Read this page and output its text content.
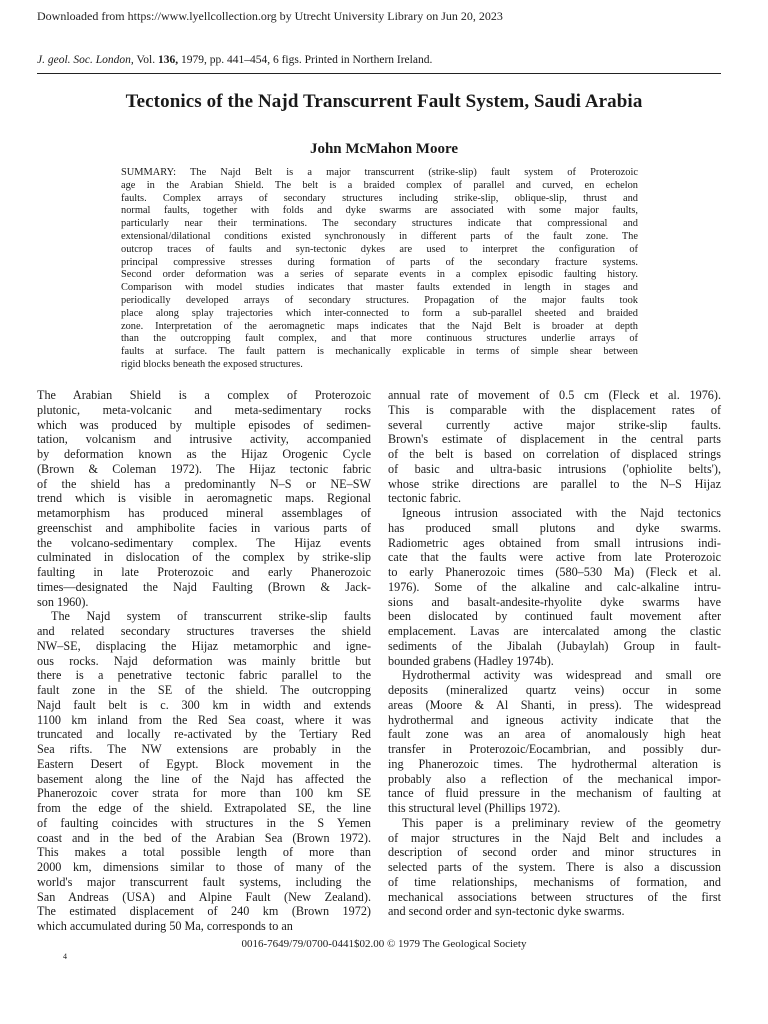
Downloaded from https://www.lyellcollection.org by Utrecht University Library on Jun 20, 2023
J. geol. Soc. London, Vol. 136, 1979, pp. 441–454, 6 figs. Printed in Northern Ireland.
Tectonics of the Najd Transcurrent Fault System, Saudi Arabia
John McMahon Moore
SUMMARY: The Najd Belt is a major transcurrent (strike-slip) fault system of Proterozoic
age in the Arabian Shield. The belt is a braided complex of parallel and curved, en echelon
faults. Complex arrays of secondary structures including strike-slip, oblique-slip, thrust and
normal faults, together with folds and dyke swarms are associated with some major faults,
particularly near their terminations. The secondary structures indicate that compressional and
extensional/dilational conditions existed synchronously in different parts of the fault zone. The
outcrop traces of faults and syn-tectonic dykes are used to interpret the configuration of
principal compressive stresses during formation of parts of the secondary fracture systems.
Second order deformation was a series of separate events in a complex episodic faulting history.
Comparison with model studies indicates that master faults extended in length in stages and
periodically developed arrays of secondary structures. Propagation of the major faults took
place along splay trajectories which inter-connected to form a sub-parallel sheeted and braided
zone. Interpretation of the aeromagnetic maps indicates that the Najd Belt is broader at depth
than the outcropping fault complex, and that more continuous structures underlie arrays of
faults at surface. The fault pattern is mechanically explicable in terms of simple shear between
rigid blocks beneath the exposed structures.
The Arabian Shield is a complex of Proterozoic
plutonic, meta-volcanic and meta-sedimentary rocks
which was produced by multiple episodes of sedimen-
tation, volcanism and intrusive activity, accompanied
by deformation known as the Hijaz Orogenic Cycle
(Brown & Coleman 1972). The Hijaz tectonic fabric
of the shield has a predominantly N–S or NE–SW
trend which is visible in aeromagnetic maps. Regional
metamorphism has produced mineral assemblages of
greenschist and amphibolite facies in various parts of
the volcano-sedimentary complex. The Hijaz events
culminated in dislocation of the complex by strike-slip
faulting in late Proterozoic and early Phanerozoic
times—designated the Najd Faulting (Brown & Jack-
son 1960).
The Najd system of transcurrent strike-slip faults
and related secondary structures traverses the shield
NW–SE, displacing the Hijaz metamorphic and igne-
ous rocks. Najd deformation was mainly brittle but
there is a penetrative tectonic fabric parallel to the
fault zone in the SE of the shield. The outcropping
Najd fault belt is c. 300 km in width and extends
1100 km inland from the Red Sea coast, where it was
truncated and locally re-activated by the Tertiary Red
Sea rifts. The NW extensions are probably in the
Eastern Desert of Egypt. Block movement in the
basement along the line of the Najd has affected the
Phanerozoic cover strata for more than 100 km SE
from the edge of the shield. Extrapolated SE, the line
of faulting coincides with structures in the S Yemen
coast and in the bed of the Arabian Sea (Brown 1972).
This makes a total possible length of more than
2000 km, dimensions similar to those of many of the
world's major transcurrent fault systems, including the
San Andreas (USA) and Alpine Fault (New Zealand).
The estimated displacement of 240 km (Brown 1972)
which accumulated during 50 Ma, corresponds to an
annual rate of movement of 0.5 cm (Fleck et al. 1976).
This is comparable with the displacement rates of
several currently active major strike-slip faults.
Brown's estimate of displacement in the central parts
of the belt is based on correlation of displaced strings
of basic and ultra-basic intrusions ('ophiolite belts'),
whose strike directions are parallel to the N–S Hijaz
tectonic fabric.
Igneous intrusion associated with the Najd tectonics
has produced small plutons and dyke swarms.
Radiometric ages obtained from small intrusions indi-
cate that the faults were active from late Proterozoic
to early Phanerozoic times (580–530 Ma) (Fleck et al.
1976). Some of the alkaline and calc-alkaline intru-
sions and basalt-andesite-rhyolite dyke swarms have
been dislocated by continued fault movement after
emplacement. Lavas are intercalated among the clastic
sediments of the Jibalah (Jubaylah) Group in fault-
bounded grabens (Hadley 1974b).
Hydrothermal activity was widespread and small ore
deposits (mineralized quartz veins) occur in some
areas (Moore & Al Shanti, in press). The widespread
hydrothermal and igneous activity indicate that the
fault zone was an area of anomalously high heat
transfer in Proterozoic/Eocambrian, and possibly dur-
ing Phanerozoic times. The hydrothermal alteration is
probably also a reflection of the mechanical impor-
tance of fluid pressure in the mechanism of faulting at
this structural level (Phillips 1972).
This paper is a preliminary review of the geometry
of major structures in the Najd Belt and includes a
description of second order and minor structures in
selected parts of the system. There is also a discussion
of time relationships, mechanisms of formation, and
mechanical associations between structures of the first
and second order and syn-tectonic dyke swarms.
0016-7649/79/0700-0441$02.00 © 1979 The Geological Society
4
